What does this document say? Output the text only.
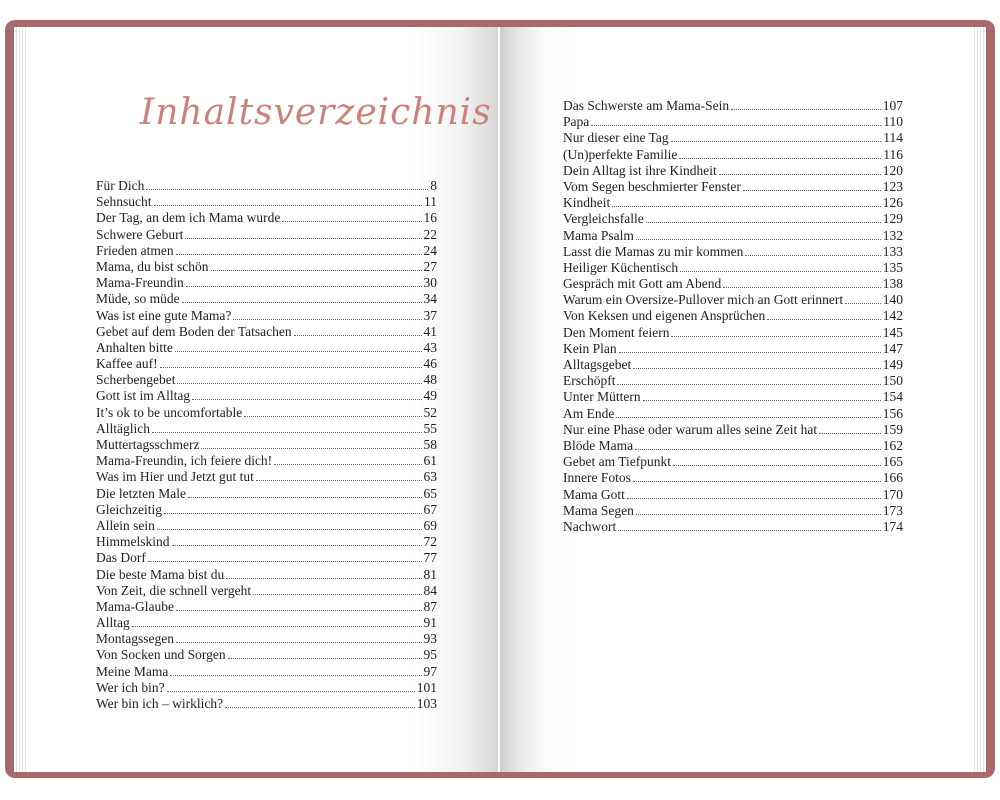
Inhaltsverzeichnis
Für Dich	8
Sehnsucht	11
Der Tag, an dem ich Mama wurde	16
Schwere Geburt	22
Frieden atmen	24
Mama, du bist schön	27
Mama-Freundin	30
Müde, so müde	34
Was ist eine gute Mama?	37
Gebet auf dem Boden der Tatsachen	41
Anhalten bitte	43
Kaffee auf!	46
Scherbengebet	48
Gott ist im Alltag	49
It’s ok to be uncomfortable	52
Alltäglich	55
Muttertagsschmerz	58
Mama-Freundin, ich feiere dich!	61
Was im Hier und Jetzt gut tut	63
Die letzten Male	65
Gleichzeitig	67
Allein sein	69
Himmelskind	72
Das Dorf	77
Die beste Mama bist du	81
Von Zeit, die schnell vergeht	84
Mama-Glaube	87
Alltag	91
Montagssegen	93
Von Socken und Sorgen	95
Meine Mama	97
Wer ich bin?	101
Wer bin ich – wirklich?	103
Das Schwerste am Mama-Sein	107
Papa	110
Nur dieser eine Tag	114
(Un)perfekte Familie	116
Dein Alltag ist ihre Kindheit	120
Vom Segen beschmierter Fenster	123
Kindheit	126
Vergleichsfalle	129
Mama Psalm	132
Lasst die Mamas zu mir kommen	133
Heiliger Küchentisch	135
Gespräch mit Gott am Abend	138
Warum ein Oversize-Pullover mich an Gott erinnert	140
Von Keksen und eigenen Ansprüchen	142
Den Moment feiern	145
Kein Plan	147
Alltagsgebet	149
Erschöpft	150
Unter Müttern	154
Am Ende	156
Nur eine Phase oder warum alles seine Zeit hat	159
Blöde Mama	162
Gebet am Tiefpunkt	165
Innere Fotos	166
Mama Gott	170
Mama Segen	173
Nachwort	174
